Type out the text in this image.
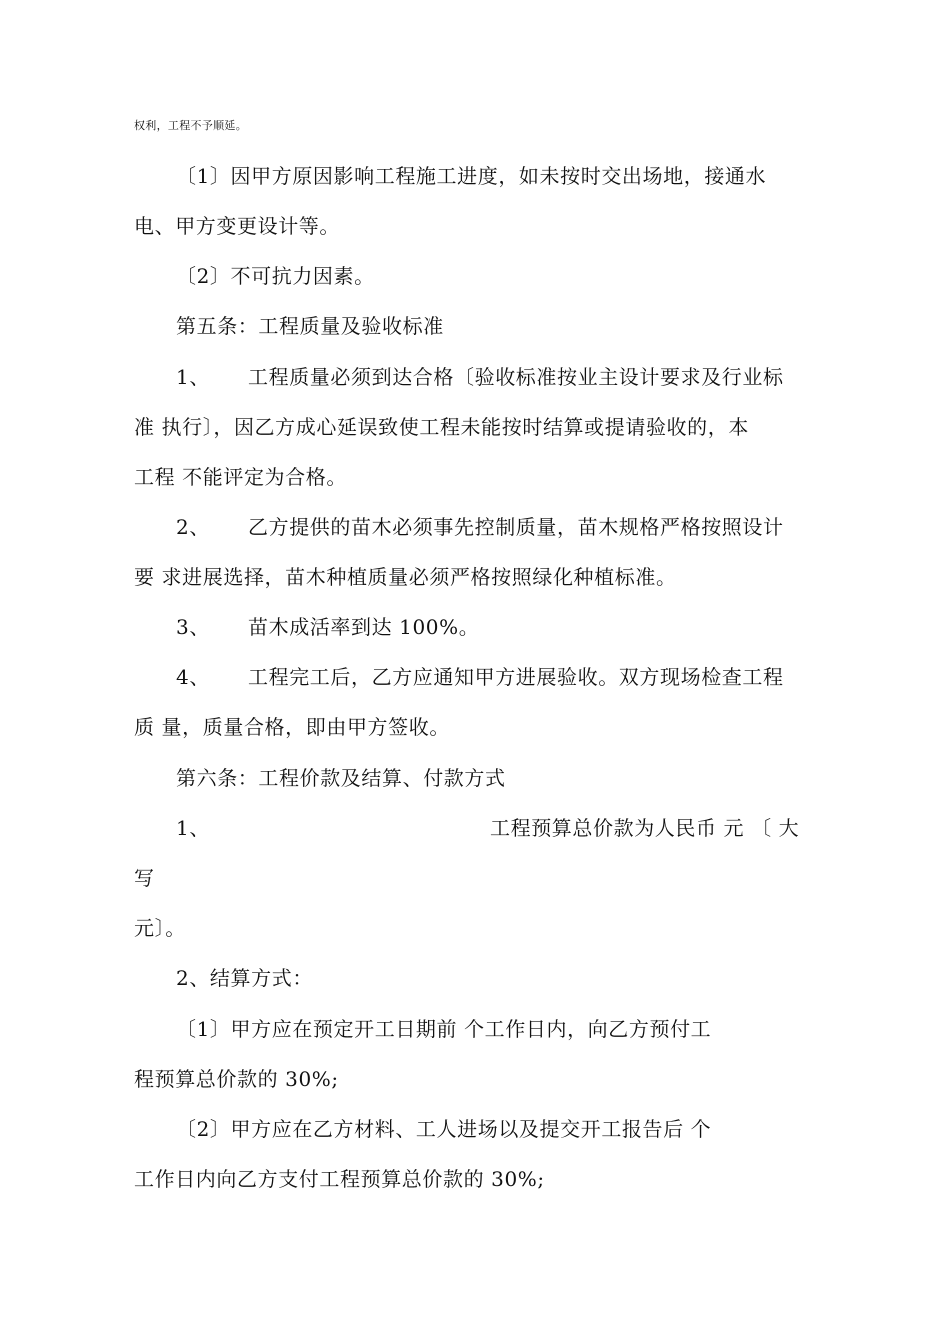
权利，工程不予顺延。
〔1〕因甲方原因影响工程施工进度，如未按时交出场地，接通水
电、甲方变更设计等。
〔2〕不可抗力因素。
第五条：工程质量及验收标准
1、 工程质量必须到达合格〔验收标准按业主设计要求及行业标
准 执行〕，因乙方成心延误致使工程未能按时结算或提请验收的，本
工程 不能评定为合格。
2、 乙方提供的苗木必须事先控制质量，苗木规格严格按照设计
要 求进展选择，苗木种植质量必须严格按照绿化种植标准。
3、 苗木成活率到达 100%。
4、 工程完工后，乙方应通知甲方进展验收。双方现场检查工程
质 量，质量合格，即由甲方签收。
第六条：工程价款及结算、付款方式
1、	工程预算总价款为人民币 元 〔 大
写
元〕。
2、结算方式：
〔1〕甲方应在预定开工日期前 个工作日内，向乙方预付工
程预算总价款的 30%;
〔2〕甲方应在乙方材料、工人进场以及提交开工报告后 个
工作日内向乙方支付工程预算总价款的 30%;
